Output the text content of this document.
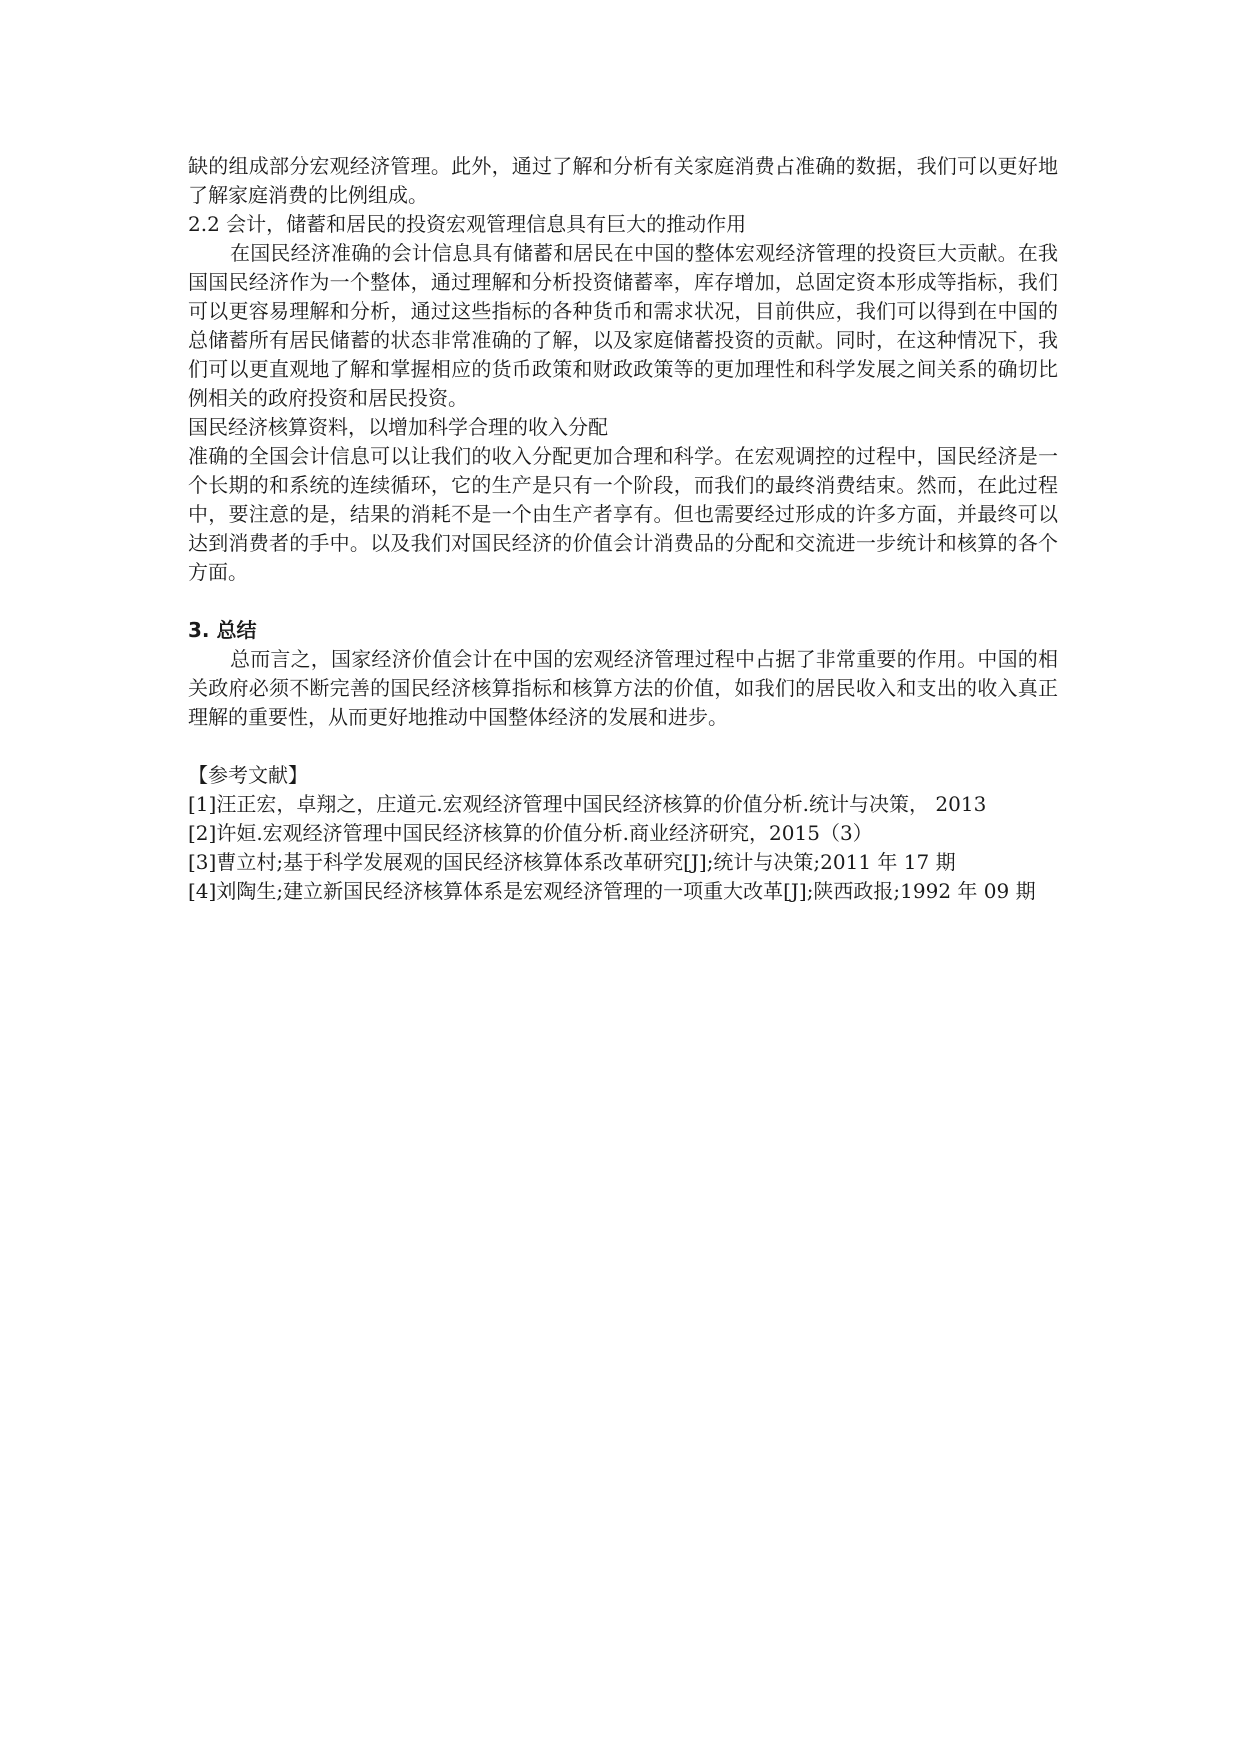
缺的组成部分宏观经济管理。此外，通过了解和分析有关家庭消费占准确的数据，我们可以更好地了解家庭消费的比例组成。

2.2 会计，储蓄和居民的投资宏观管理信息具有巨大的推动作用

在国民经济准确的会计信息具有储蓄和居民在中国的整体宏观经济管理的投资巨大贡献。在我国国民经济作为一个整体，通过理解和分析投资储蓄率，库存增加，总固定资本形成等指标，我们可以更容易理解和分析，通过这些指标的各种货币和需求状况，目前供应，我们可以得到在中国的总储蓄所有居民储蓄的状态非常准确的了解，以及家庭储蓄投资的贡献。同时，在这种情况下，我们可以更直观地了解和掌握相应的货币政策和财政政策等的更加理性和科学发展之间关系的确切比例相关的政府投资和居民投资。

国民经济核算资料，以增加科学合理的收入分配

准确的全国会计信息可以让我们的收入分配更加合理和科学。在宏观调控的过程中，国民经济是一个长期的和系统的连续循环，它的生产是只有一个阶段，而我们的最终消费结束。然而，在此过程中，要注意的是，结果的消耗不是一个由生产者享有。但也需要经过形成的许多方面，并最终可以达到消费者的手中。以及我们对国民经济的价值会计消费品的分配和交流进一步统计和核算的各个方面。

3. 总结

总而言之，国家经济价值会计在中国的宏观经济管理过程中占据了非常重要的作用。中国的相关政府必须不断完善的国民经济核算指标和核算方法的价值，如我们的居民收入和支出的收入真正理解的重要性，从而更好地推动中国整体经济的发展和进步。

【参考文献】

[1]汪正宏，卓翔之，庄道元.宏观经济管理中国民经济核算的价值分析.统计与决策， 2013
[2]许姮.宏观经济管理中国民经济核算的价值分析.商业经济研究，2015（3）
[3]曹立村;基于科学发展观的国民经济核算体系改革研究[J];统计与决策;2011 年 17 期
[4]刘陶生;建立新国民经济核算体系是宏观经济管理的一项重大改革[J];陕西政报;1992 年 09 期
